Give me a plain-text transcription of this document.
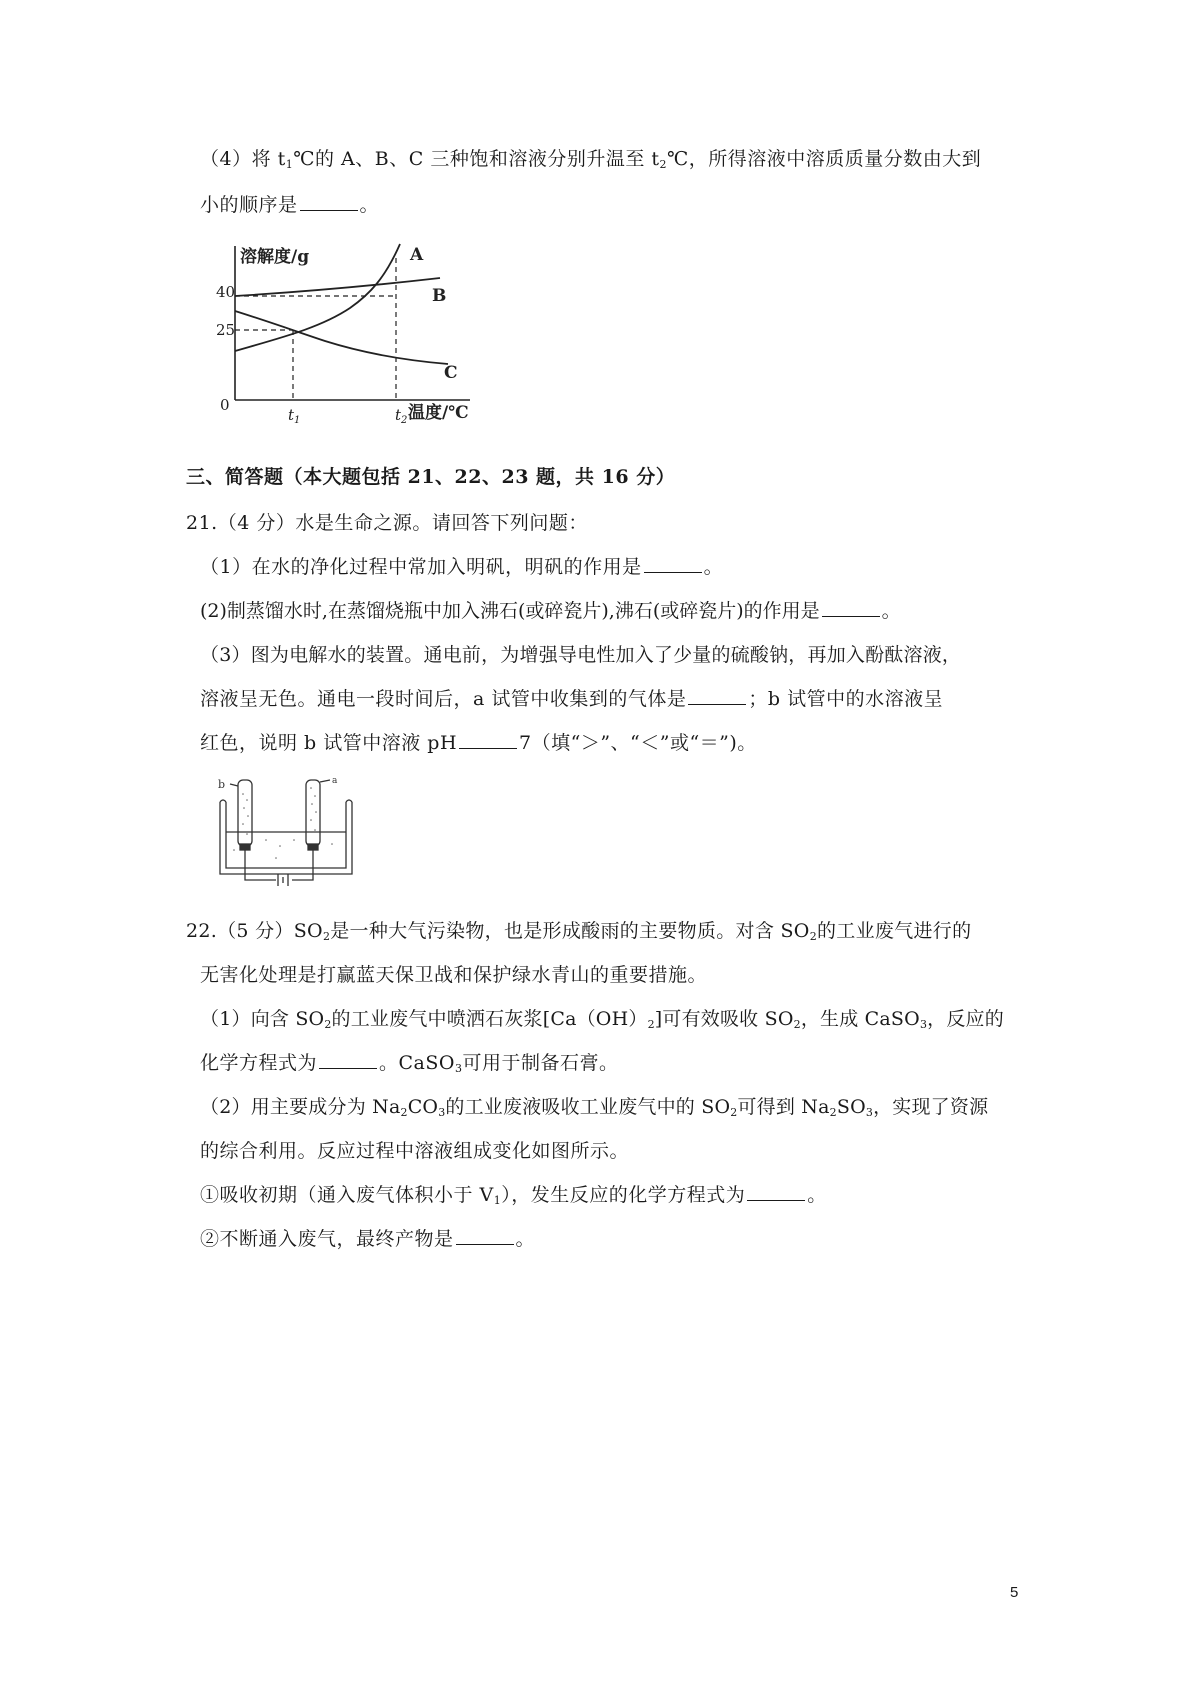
（4）将 $t_1℃$的 A、B、C 三种饱和溶液分别升温至 $t_2℃$，所得溶液中溶质质量分数由大到
小的顺序是	。
溶解度/g
温度/℃
0
40
25
$t_1$	$t_2$
A
B
C
三、简答题（本大题包括 21、22、23 题，共 16 分）
21.（4 分）水是生命之源。请回答下列问题：
（1）在水的净化过程中常加入明矾，明矾的作用是	。
(2)制蒸馏水时,在蒸馏烧瓶中加入沸石(或碎瓷片),沸石(或碎瓷片)的作用是	。
（3）图为电解水的装置。通电前，为增强导电性加入了少量的硫酸钠，再加入酚酞溶液，
溶液呈无色。通电一段时间后，a 试管中收集到的气体是	；b 试管中的水溶液呈
红色，说明 b 试管中溶液 pH	7（填“＞”、“＜”或“＝”)。
b	a
22.（5 分）$SO_2$是一种大气污染物，也是形成酸雨的主要物质。对含 $SO_2$的工业废气进行的
无害化处理是打赢蓝天保卫战和保护绿水青山的重要措施。
（1）向含 $SO_2$的工业废气中喷洒石灰浆$[Ca(OH)_2]$可有效吸收 $SO_2$，生成 CaSO$_3$，反应的
化学方程式为	。CaSO$_3$可用于制备石膏。
（2）用主要成分为 $Na_2CO_3$的工业废液吸收工业废气中的 $SO_2$可得到 $Na_2SO_3$，实现了资源
的综合利用。反应过程中溶液组成变化如图所示。
①吸收初期（通入废气体积小于 $V_1$），发生反应的化学方程式为	。
②不断通入废气，最终产物是	。
5
